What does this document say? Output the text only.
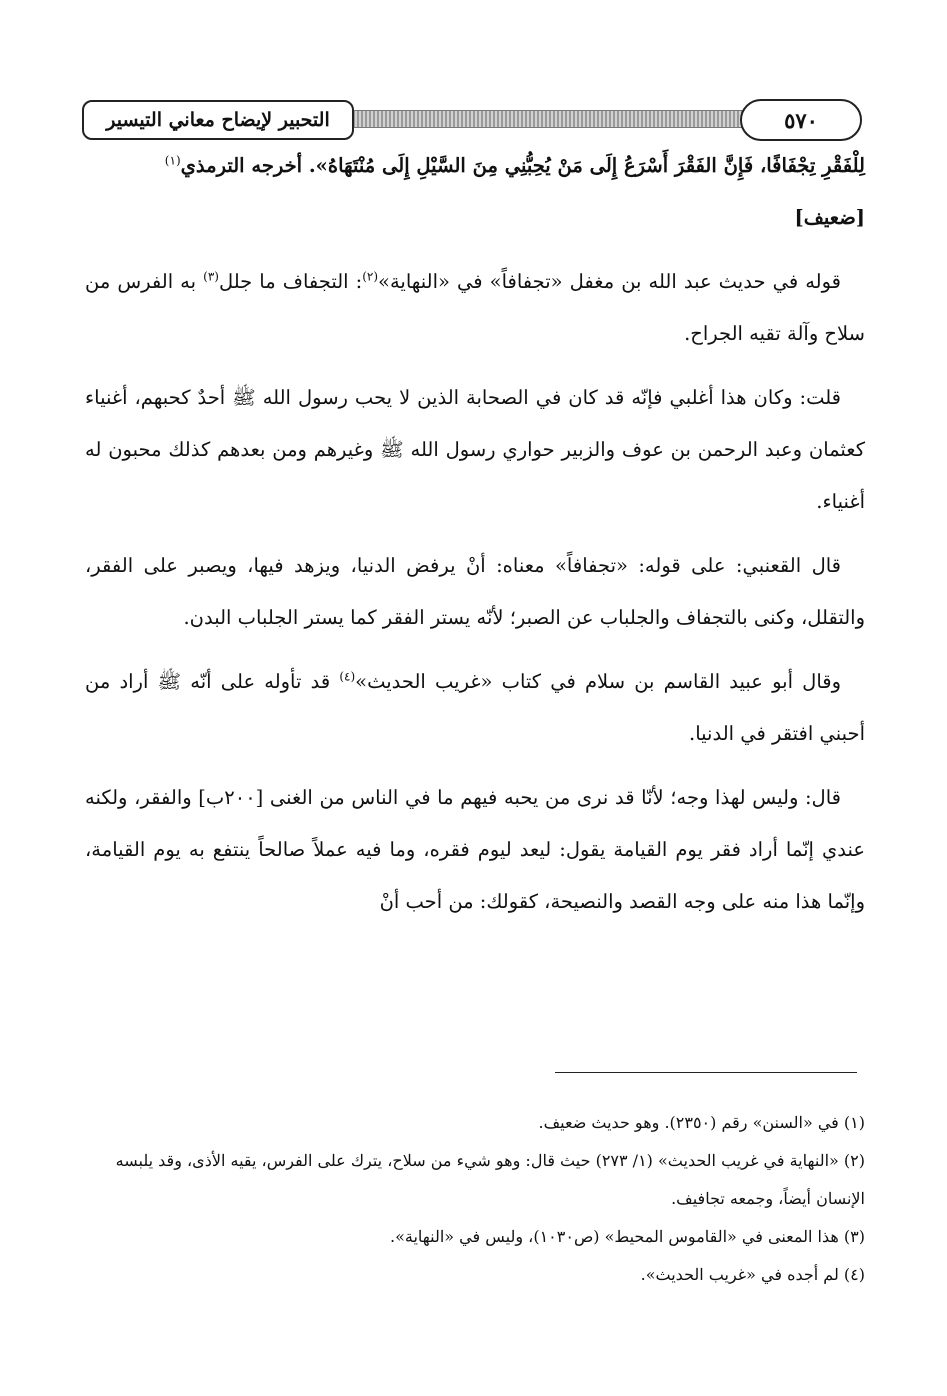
التحبير لإيضاح معاني التيسير	٥٧٠

لِلْفَقْرِ تِجْفَافًا، فَإِنَّ الفَقْرَ أَسْرَعُ إِلَى مَنْ يُحِبُّنِي مِنَ السَّيْلِ إِلَى مُنْتَهَاهُ». أخرجه الترمذي$^{(١)}$
[ضعيف]

قوله في حديث عبد الله بن مغفل «تجفافاً» في «النهاية»$^{(٢)}$: التجفاف ما جلل$^{(٣)}$ به الفرس من سلاح وآلة تقيه الجراح.

قلت: وكان هذا أغلبي فإنّه قد كان في الصحابة الذين لا يحب رسول الله ﷺ أحدٌ كحبهم، أغنياء كعثمان وعبد الرحمن بن عوف والزبير حواري رسول الله ﷺ وغيرهم ومن بعدهم كذلك محبون له أغنياء.

قال القعنبي: على قوله: «تجفافاً» معناه: أنْ يرفض الدنيا، ويزهد فيها، ويصبر على الفقر، والتقلل، وكنى بالتجفاف والجلباب عن الصبر؛ لأنّه يستر الفقر كما يستر الجلباب البدن.

وقال أبو عبيد القاسم بن سلام في كتاب «غريب الحديث»$^{(٤)}$ قد تأوله على أنّه ﷺ أراد من أحبني افتقر في الدنيا.

قال: وليس لهذا وجه؛ لأنّا قد نرى من يحبه فيهم ما في الناس من الغنى [٢٠٠ب] والفقر، ولكنه عندي إنّما أراد فقر يوم القيامة يقول: ليعد ليوم فقره، وما فيه عملاً صالحاً ينتفع به يوم القيامة، وإنّما هذا منه على وجه القصد والنصيحة، كقولك: من أحب أنْ

(١) في «السنن» رقم (٢٣٥٠). وهو حديث ضعيف.
(٢) «النهاية في غريب الحديث» (١/ ٢٧٣) حيث قال: وهو شيء من سلاح، يترك على الفرس، يقيه الأذى، وقد يلبسه الإنسان أيضاً، وجمعه تجافيف.
(٣) هذا المعنى في «القاموس المحيط» (ص١٠٣٠)، وليس في «النهاية».
(٤) لم أجده في «غريب الحديث».
